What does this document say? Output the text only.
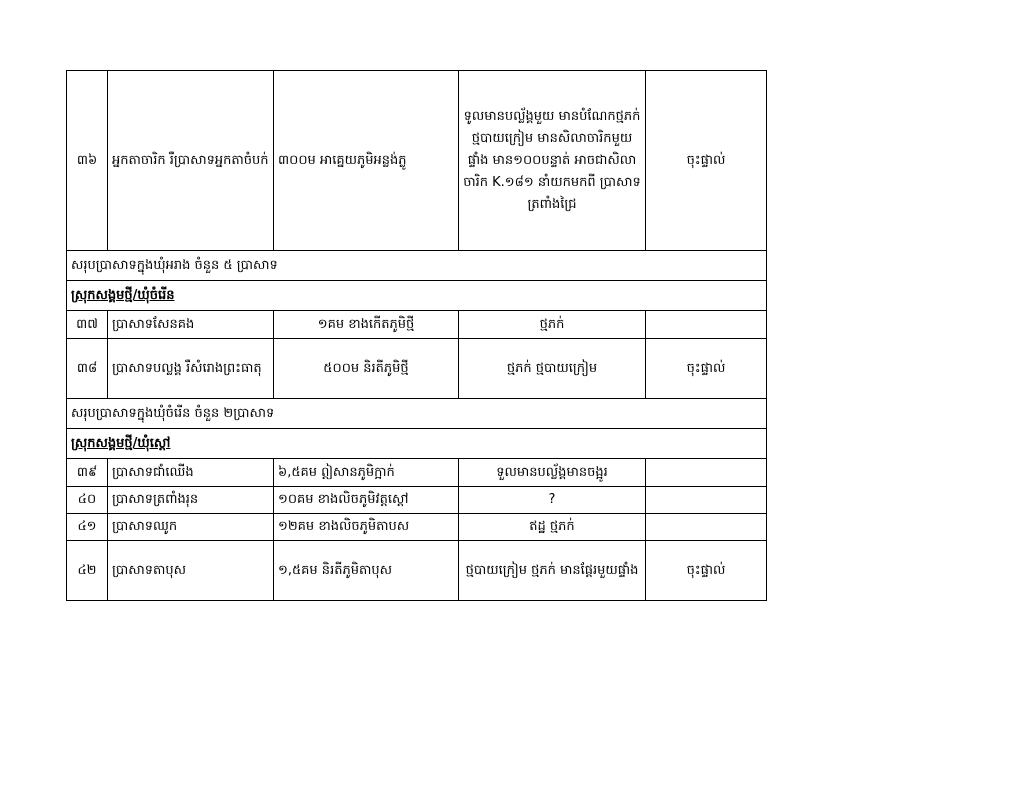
៣៦	អ្នកតាចារិក រឺប្រាសាទអ្នកតាចំបក់	៣០០ម អាគ្នេយភូមិអន្លង់ភ្លូ	ទូលមានបល្ល័ង្គមួយ មានបំណែកថ្មភក់ ថ្មបាយក្រៀម មានសិលាចារិកមួយផ្ទាំង មាន១០០បន្ទាត់ អាចជាសិលាចារិក K.១៨១ នាំយកមកពី ប្រាសាទត្រពាំងជ្រៃ	ចុះផ្ទាល់
សរុបប្រាសាទក្នុងឃុំអរាង ចំនួន ៥ ប្រាសាទ				
ស្រុកសង្គមថ្មី/ឃុំចំរើន				
៣៧	ប្រាសាទសែនគង	១គម ខាងកើតភូមិថ្មី	ថ្មភក់	
៣៨	ប្រាសាទបល្លង្គ រឺសំរោងព្រះធាតុ	៥០០ម និរតីភូមិថ្មី	ថ្មភក់ ថ្មបាយក្រៀម	ចុះផ្ទាល់
សរុបប្រាសាទក្នុងឃុំចំរើន ចំនួន ២ប្រាសាទ				
ស្រុកសង្គមថ្មី/ឃុំស្ដៅ				
៣៩	ប្រាសាទជាំឈើង	៦,៥គម ឦសានភូមិក្អាក់	ទួលមានបល្ល័ង្គមានចង្អូរ	
៤០	ប្រាសាទត្រពាំងរុន	១០គម ខាងលិចភូមិវត្តស្ដៅ	?	
៤១	ប្រាសាទឈូក	១២គម ខាងលិចភូមិតាបស	ឥដ្ឋ ថ្មភក់	
៤២	ប្រាសាទតាបុស	១,៥គម និរតីភូមិតាបុស	ថ្មបាយក្រៀម ថ្មភក់ មានផ្តែរមួយផ្ទាំង	ចុះផ្ទាល់
